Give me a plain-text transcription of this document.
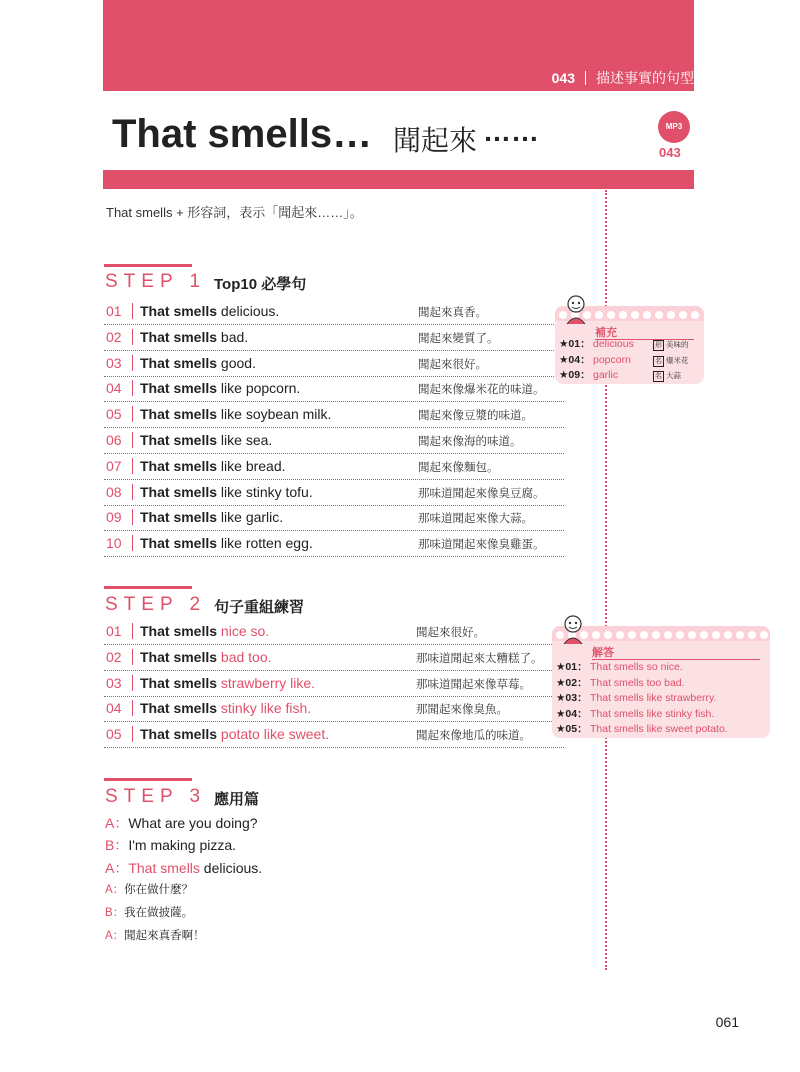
043 描述事實的句型
That smells… 聞起來 ……	MP3
043
That smells + 形容詞，表示「聞起來……」。
STEP 1 Top10 必學句
01	That smells delicious.	聞起來真香。
02	That smells bad.	聞起來變質了。
03	That smells good.	聞起來很好。
04	That smells like popcorn.	聞起來像爆米花的味道。
05	That smells like soybean milk.	聞起來像豆漿的味道。
06	That smells like sea.	聞起來像海的味道。
07	That smells like bread.	聞起來像麵包。
08	That smells like stinky tofu.	那味道聞起來像臭豆腐。
09	That smells like garlic.	那味道聞起來像大蒜。
10	That smells like rotten egg.	那味道聞起來像臭雞蛋。
補充
★01： delicious	形 美味的
★04： popcorn	名 爆米花
★09： garlic	名 大蒜
STEP 2 句子重組練習
01	That smells nice so.	聞起來很好。
02	That smells bad too.	那味道聞起來太糟糕了。
03	That smells strawberry like.	那味道聞起來像草莓。
04	That smells stinky like fish.	那聞起來像臭魚。
05	That smells potato like sweet.	聞起來像地瓜的味道。
解答
★01： That smells so nice.
★02： That smells too bad.
★03： That smells like strawberry.
★04： That smells like stinky fish.
★05： That smells like sweet potato.
STEP 3 應用篇
A：What are you doing?
B：I'm making pizza.
A：That smells delicious.
A：你在做什麼？
B：我在做披薩。
A：聞起來真香啊！
061
